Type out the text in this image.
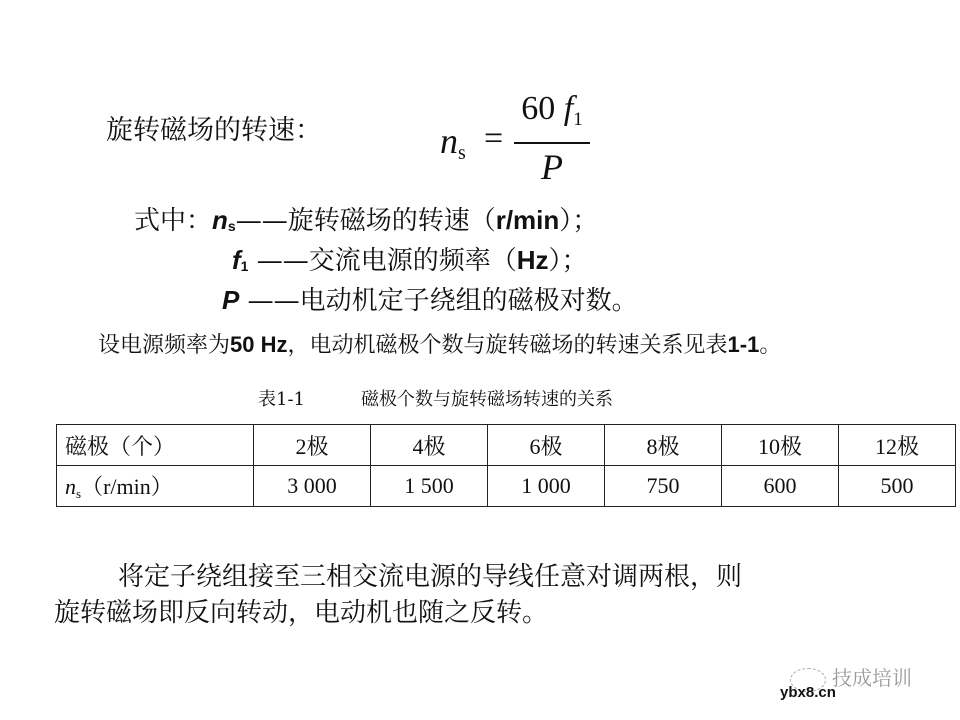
旋转磁场的转速：	$n_s$ =
60 $f_1$
P
式中：$n_s——$旋转磁场的转速（r/min）；
$f_1$ ——交流电源的频率（Hz）；
P ——电动机定子绕组的磁极对数。
设电源频率为50 Hz，电动机磁极个数与旋转磁场的转速关系见表1-1。
表1-1	磁极个数与旋转磁场转速的关系
磁极（个）	2极	4极	6极	8极	10极	12极
$n_s(r/\min)$	3 000	1 500	1 000	750	600	500
将定子绕组接至三相交流电源的导线任意对调两根，则
旋转磁场即反向转动，电动机也随之反转。
技成培训
ybx8.cn
